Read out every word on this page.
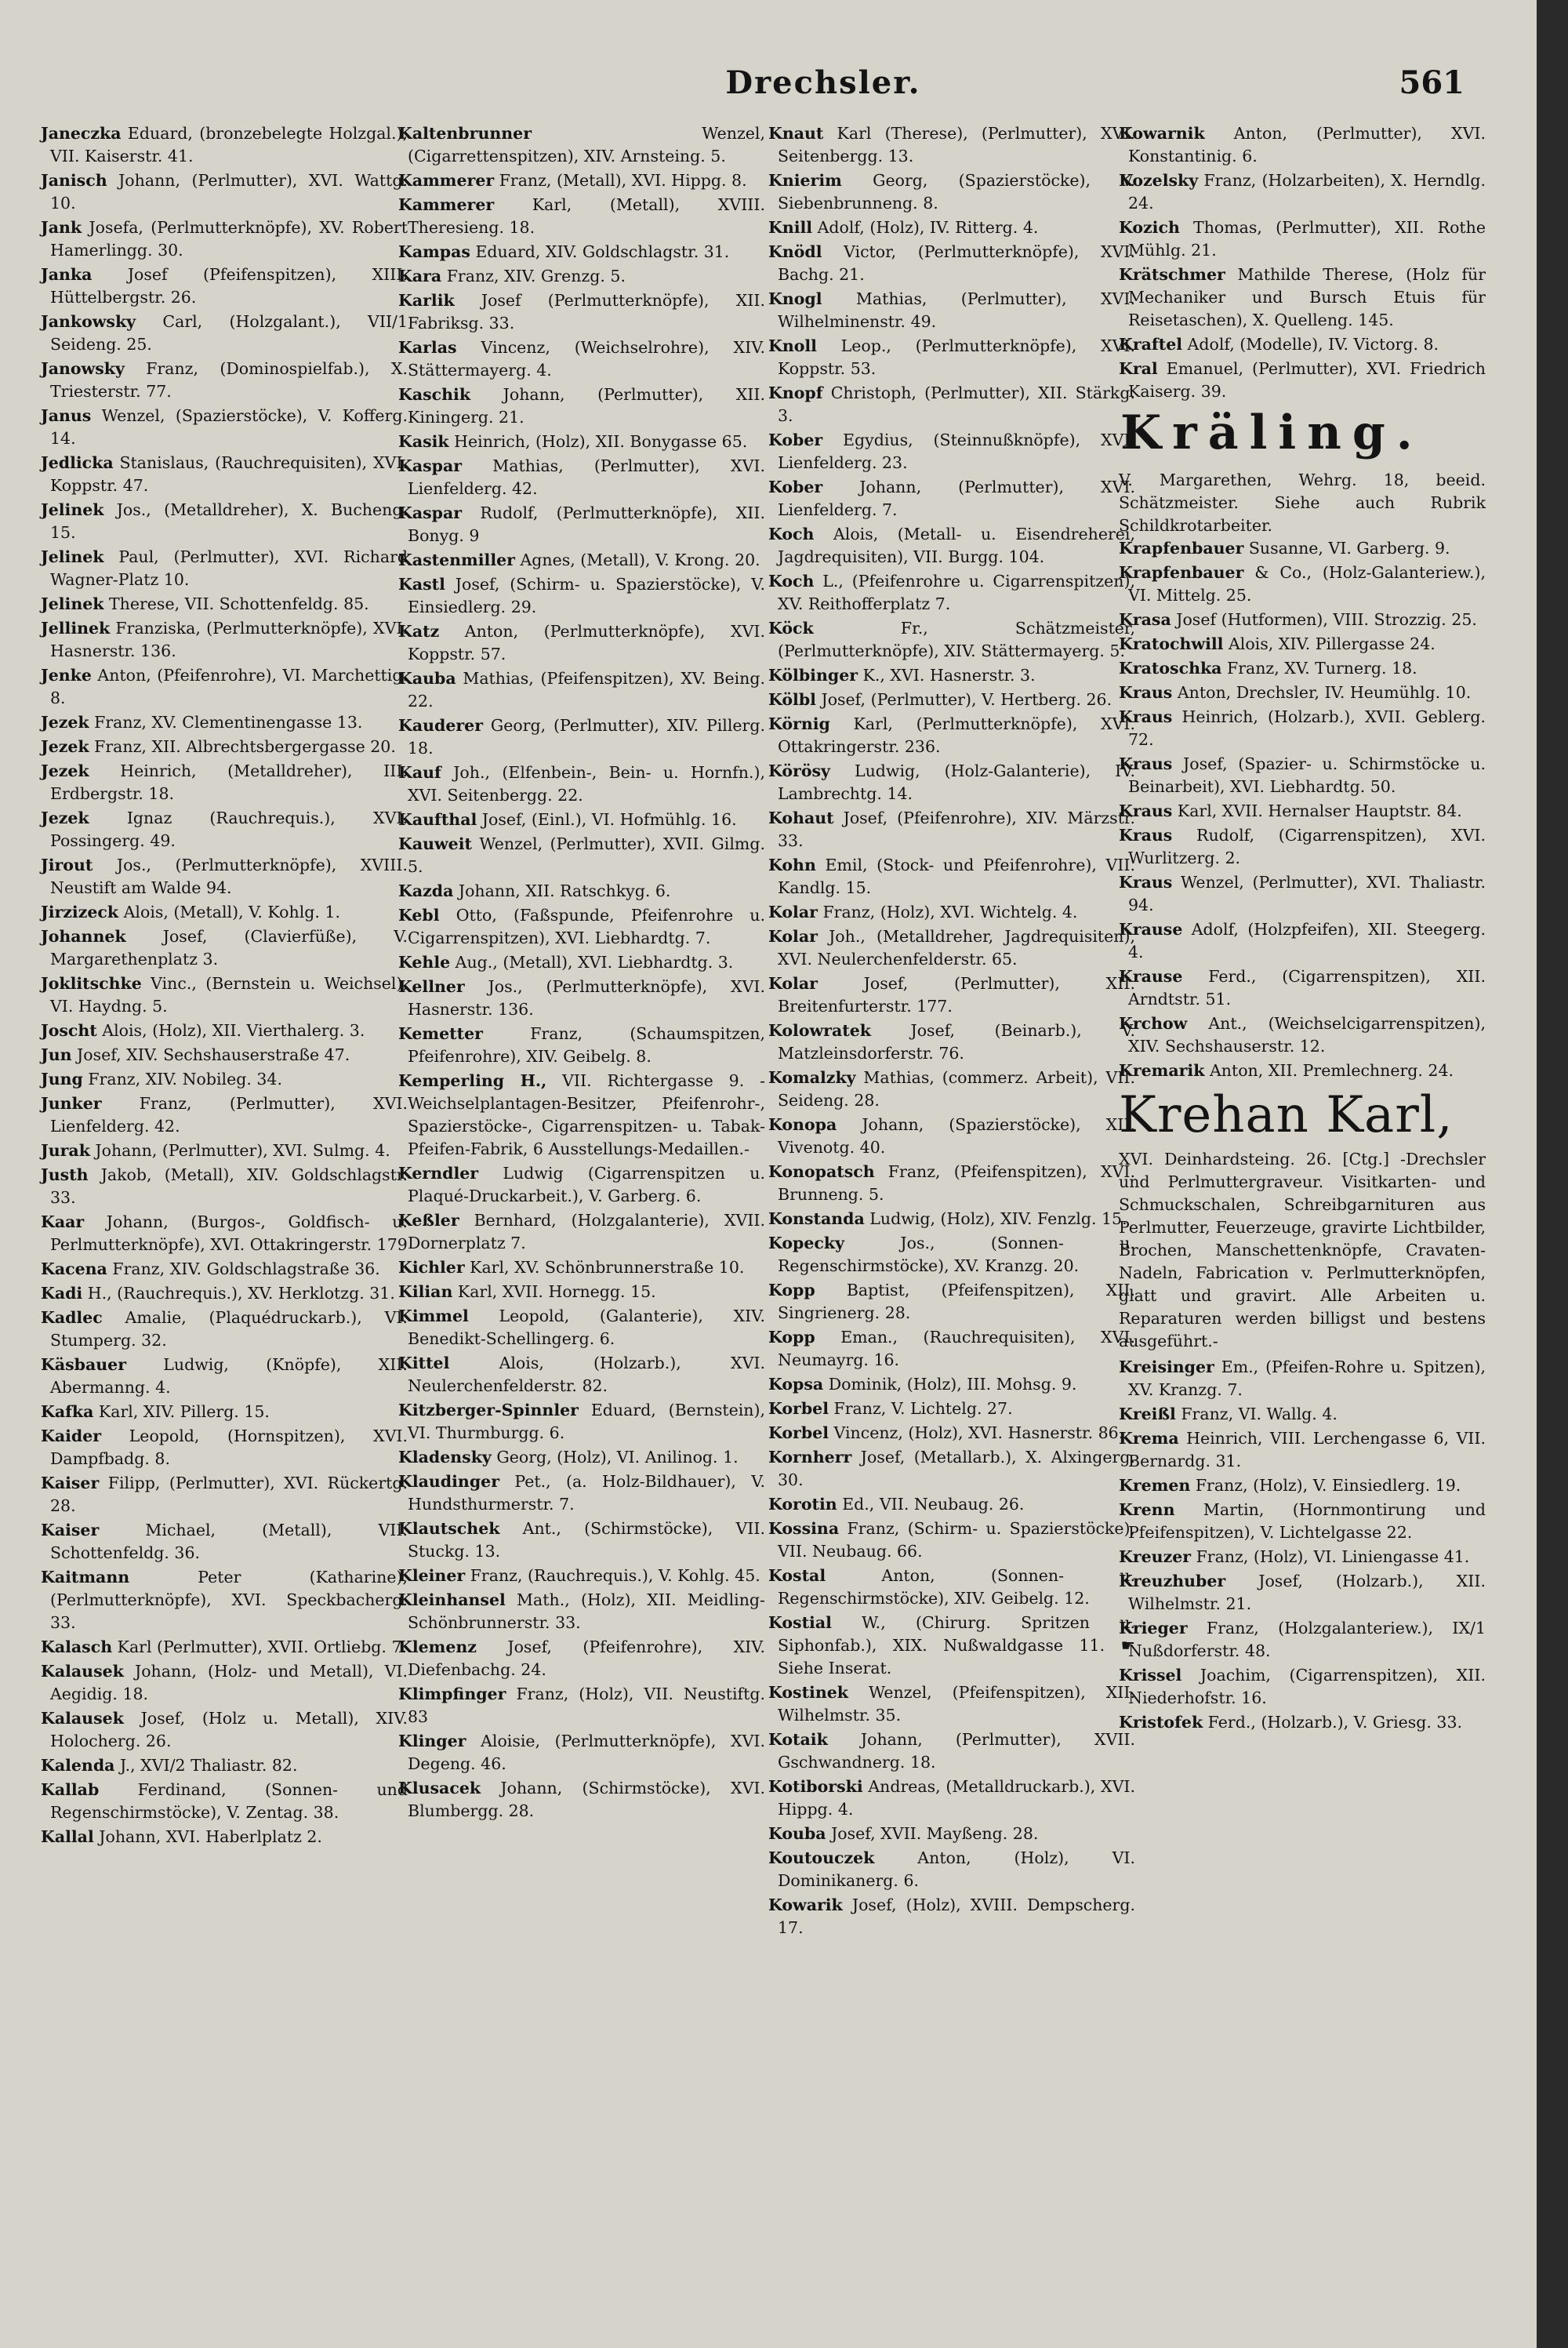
Drechsler.	561
Janeczka Eduard, (bronzebelegte Holzgal.), VII. Kaiserstr. 41.
Janisch Johann, (Perlmutter), XVI. Wattg. 10.
Jank Josefa, (Perlmutterknöpfe), XV. Robert Hamerlingg. 30.
Janka Josef (Pfeifenspitzen), XIII. Hüttelbergstr. 26.
Jankowsky Carl, (Holzgalant.), VII/1 Seideng. 25.
Janowsky Franz, (Dominospielfab.), X. Triesterstr. 77.
Janus Wenzel, (Spazierstöcke), V. Kofferg. 14.
Jedlicka Stanislaus, (Rauchrequisiten), XVI. Koppstr. 47.
Jelinek Jos., (Metalldreher), X. Bucheng. 15.
Jelinek Paul, (Perlmutter), XVI. Richard Wagner-Platz 10.
Jelinek Therese, VII. Schottenfeldg. 85.
Jellinek Franziska, (Perlmutterknöpfe), XVI. Hasnerstr. 136.
Jenke Anton, (Pfeifenrohre), VI. Marchettig. 8.
Jezek Franz, XV. Clementinengasse 13.
Jezek Franz, XII. Albrechtsbergergasse 20.
Jezek Heinrich, (Metalldreher), III. Erdbergstr. 18.
Jezek Ignaz (Rauchrequis.), XVI. Possingerg. 49.
Jirout Jos., (Perlmutterknöpfe), XVIII. Neustift am Walde 94.
Jirzizeck Alois, (Metall), V. Kohlg. 1.
Johannek Josef, (Clavierfüße), V. Margarethenplatz 3.
Joklitschke Vinc., (Bernstein u. Weichsel), VI. Haydng. 5.
Joscht Alois, (Holz), XII. Vierthalerg. 3.
Jun Josef, XIV. Sechshauserstraße 47.
Jung Franz, XIV. Nobileg. 34.
Junker Franz, (Perlmutter), XVI. Lienfelderg. 42.
Jurak Johann, (Perlmutter), XVI. Sulmg. 4.
Justh Jakob, (Metall), XIV. Goldschlagstr. 33.
Kaar Johann, (Burgos-, Goldfisch- u. Perlmutterknöpfe), XVI. Ottakringerstr. 179
Kacena Franz, XIV. Goldschlagstraße 36.
Kadi H., (Rauchrequis.), XV. Herklotzg. 31.
Kadlec Amalie, (Plaquédruckarb.), VI. Stumperg. 32.
Käsbauer Ludwig, (Knöpfe), XII. Abermanng. 4.
Kafka Karl, XIV. Pillerg. 15.
Kaider Leopold, (Hornspitzen), XVI. Dampfbadg. 8.
Kaiser Filipp, (Perlmutter), XVI. Rückertg. 28.
Kaiser Michael, (Metall), VII. Schottenfeldg. 36.
Kaitmann Peter (Katharine), (Perlmutterknöpfe), XVI. Speckbacherg. 33.
Kalasch Karl (Perlmutter), XVII. Ortliebg. 7.
Kalausek Johann, (Holz- und Metall), VI. Aegidig. 18.
Kalausek Josef, (Holz u. Metall), XIV. Holocherg. 26.
Kalenda J., XVI/2 Thaliastr. 82.
Kallab Ferdinand, (Sonnen- und Regenschirmstöcke), V. Zentag. 38.
Kallal Johann, XVI. Haberlplatz 2.
Kaltenbrunner Wenzel, (Cigarrettenspitzen), XIV. Arnsteing. 5.
Kammerer Franz, (Metall), XVI. Hippg. 8.
Kammerer Karl, (Metall), XVIII. Theresieng. 18.
Kampas Eduard, XIV. Goldschlagstr. 31.
Kara Franz, XIV. Grenzg. 5.
Karlik Josef (Perlmutterknöpfe), XII. Fabriksg. 33.
Karlas Vincenz, (Weichselrohre), XIV. Stättermayerg. 4.
Kaschik Johann, (Perlmutter), XII. Kiningerg. 21.
Kasik Heinrich, (Holz), XII. Bonygasse 65.
Kaspar Mathias, (Perlmutter), XVI. Lienfelderg. 42.
Kaspar Rudolf, (Perlmutterknöpfe), XII. Bonyg. 9
Kastenmiller Agnes, (Metall), V. Krong. 20.
Kastl Josef, (Schirm- u. Spazierstöcke), V. Einsiedlerg. 29.
Katz Anton, (Perlmutterknöpfe), XVI. Koppstr. 57.
Kauba Mathias, (Pfeifenspitzen), XV. Being. 22.
Kauderer Georg, (Perlmutter), XIV. Pillerg. 18.
Kauf Joh., (Elfenbein-, Bein- u. Hornfn.), XVI. Seitenbergg. 22.
Kaufthal Josef, (Einl.), VI. Hofmühlg. 16.
Kauweit Wenzel, (Perlmutter), XVII. Gilmg. 5.
Kazda Johann, XII. Ratschkyg. 6.
Kebl Otto, (Faßspunde, Pfeifenrohre u. Cigarrenspitzen), XVI. Liebhardtg. 7.
Kehle Aug., (Metall), XVI. Liebhardtg. 3.
Kellner Jos., (Perlmutterknöpfe), XVI. Hasnerstr. 136.
Kemetter Franz, (Schaumspitzen, Pfeifenrohre), XIV. Geibelg. 8.
Kemperling H., VII. Richtergasse 9. -Weichselplantagen-Besitzer, Pfeifenrohr-, Spazierstöcke-, Cigarrenspitzen- u. Tabak-Pfeifen-Fabrik, 6 Ausstellungs-Medaillen.-
Kerndler Ludwig (Cigarrenspitzen u. Plaqué-Druckarbeit.), V. Garberg. 6.
Keßler Bernhard, (Holzgalanterie), XVII. Dornerplatz 7.
Kichler Karl, XV. Schönbrunnerstraße 10.
Kilian Karl, XVII. Hornegg. 15.
Kimmel Leopold, (Galanterie), XIV. Benedikt-Schellingerg. 6.
Kittel Alois, (Holzarb.), XVI. Neulerchenfelderstr. 82.
Kitzberger-Spinnler Eduard, (Bernstein), VI. Thurmburgg. 6.
Kladensky Georg, (Holz), VI. Anilinog. 1.
Klaudinger Pet., (a. Holz-Bildhauer), V. Hundsthurmerstr. 7.
Klautschek Ant., (Schirmstöcke), VII. Stuckg. 13.
Kleiner Franz, (Rauchrequis.), V. Kohlg. 45.
Kleinhansel Math., (Holz), XII. Meidling-Schönbrunnerstr. 33.
Klemenz Josef, (Pfeifenrohre), XIV. Diefenbachg. 24.
Klimpfinger Franz, (Holz), VII. Neustiftg. 83
Klinger Aloisie, (Perlmutterknöpfe), XVI. Degeng. 46.
Klusacek Johann, (Schirmstöcke), XVI. Blumbergg. 28.
Knaut Karl (Therese), (Perlmutter), XVI. Seitenbergg. 13.
Knierim Georg, (Spazierstöcke), V. Siebenbrunneng. 8.
Knill Adolf, (Holz), IV. Ritterg. 4.
Knödl Victor, (Perlmutterknöpfe), XVI. Bachg. 21.
Knogl Mathias, (Perlmutter), XVI. Wilhelminenstr. 49.
Knoll Leop., (Perlmutterknöpfe), XVI. Koppstr. 53.
Knopf Christoph, (Perlmutter), XII. Stärkg. 3.
Kober Egydius, (Steinnußknöpfe), XVI. Lienfelderg. 23.
Kober Johann, (Perlmutter), XVI. Lienfelderg. 7.
Koch Alois, (Metall- u. Eisendreherei, Jagdrequisiten), VII. Burgg. 104.
Koch L., (Pfeifenrohre u. Cigarrenspitzen), XV. Reithofferplatz 7.
Köck Fr., Schätzmeister, (Perlmutterknöpfe), XIV. Stättermayerg. 5.
Kölbinger K., XVI. Hasnerstr. 3.
Kölbl Josef, (Perlmutter), V. Hertberg. 26.
Körnig Karl, (Perlmutterknöpfe), XVI. Ottakringerstr. 236.
Körösy Ludwig, (Holz-Galanterie), IV. Lambrechtg. 14.
Kohaut Josef, (Pfeifenrohre), XIV. Märzstr. 33.
Kohn Emil, (Stock- und Pfeifenrohre), VII. Kandlg. 15.
Kolar Franz, (Holz), XVI. Wichtelg. 4.
Kolar Joh., (Metalldreher, Jagdrequisiten), XVI. Neulerchenfelderstr. 65.
Kolar Josef, (Perlmutter), XII. Breitenfurterstr. 177.
Kolowratek Josef, (Beinarb.), V. Matzleinsdorferstr. 76.
Komalzky Mathias, (commerz. Arbeit), VII. Seideng. 28.
Konopa Johann, (Spazierstöcke), XII. Vivenotg. 40.
Konopatsch Franz, (Pfeifenspitzen), XVI. Brunneng. 5.
Konstanda Ludwig, (Holz), XIV. Fenzlg. 15.
Kopecky Jos., (Sonnen- u. Regenschirmstöcke), XV. Kranzg. 20.
Kopp Baptist, (Pfeifenspitzen), XII. Singrienerg. 28.
Kopp Eman., (Rauchrequisiten), XVI. Neumayrg. 16.
Kopsa Dominik, (Holz), III. Mohsg. 9.
Korbel Franz, V. Lichtelg. 27.
Korbel Vincenz, (Holz), XVI. Hasnerstr. 86.
Kornherr Josef, (Metallarb.), X. Alxingerg. 30.
Korotin Ed., VII. Neubaug. 26.
Kossina Franz, (Schirm- u. Spazierstöcke), VII. Neubaug. 66.
Kostal Anton, (Sonnen- u. Regenschirmstöcke), XIV. Geibelg. 12.
Kostial W., (Chirurg. Spritzen u. Siphonfab.), XIX. Nußwaldgasse 11. ☛ Siehe Inserat.
Kostinek Wenzel, (Pfeifenspitzen), XII. Wilhelmstr. 35.
Kotaik Johann, (Perlmutter), XVII. Gschwandnerg. 18.
Kotiborski Andreas, (Metalldruckarb.), XVI. Hippg. 4.
Kouba Josef, XVII. Mayßeng. 28.
Koutouczek Anton, (Holz), VI. Dominikanerg. 6.
Kowarik Josef, (Holz), XVIII. Dempscherg. 17.
Kowarnik Anton, (Perlmutter), XVI. Konstantinig. 6.
Kozelsky Franz, (Holzarbeiten), X. Herndlg. 24.
Kozich Thomas, (Perlmutter), XII. Rothe Mühlg. 21.
Krätschmer Mathilde Therese, (Holz für Mechaniker und Bursch Etuis für Reisetaschen), X. Quelleng. 145.
Kraftel Adolf, (Modelle), IV. Victorg. 8.
Kral Emanuel, (Perlmutter), XVI. Friedrich Kaiserg. 39.
Kräling.
V. Margarethen, Wehrg. 18, beeid. Schätzmeister. Siehe auch Rubrik Schildkrotarbeiter.
Krapfenbauer Susanne, VI. Garberg. 9.
Krapfenbauer & Co., (Holz-Galanteriew.), VI. Mittelg. 25.
Krasa Josef (Hutformen), VIII. Strozzig. 25.
Kratochwill Alois, XIV. Pillergasse 24.
Kratoschka Franz, XV. Turnerg. 18.
Kraus Anton, Drechsler, IV. Heumühlg. 10.
Kraus Heinrich, (Holzarb.), XVII. Geblerg. 72.
Kraus Josef, (Spazier- u. Schirmstöcke u. Beinarbeit), XVI. Liebhardtg. 50.
Kraus Karl, XVII. Hernalser Hauptstr. 84.
Kraus Rudolf, (Cigarrenspitzen), XVI. Wurlitzerg. 2.
Kraus Wenzel, (Perlmutter), XVI. Thaliastr. 94.
Krause Adolf, (Holzpfeifen), XII. Steegerg. 4.
Krause Ferd., (Cigarrenspitzen), XII. Arndtstr. 51.
Krchow Ant., (Weichselcigarrenspitzen), XIV. Sechshauserstr. 12.
Kremarik Anton, XII. Premlechnerg. 24.
Krehan Karl,
XVI. Deinhardsteing. 26. [Ctg.] -Drechsler und Perlmuttergraveur. Visitkarten- und Schmuckschalen, Schreibgarnituren aus Perlmutter, Feuerzeuge, gravirte Lichtbilder, Brochen, Manschettenknöpfe, Cravaten-Nadeln, Fabrication v. Perlmutterknöpfen, glatt und gravirt. Alle Arbeiten u. Reparaturen werden billigst und bestens ausgeführt.-
Kreisinger Em., (Pfeifen-Rohre u. Spitzen), XV. Kranzg. 7.
Kreißl Franz, VI. Wallg. 4.
Krema Heinrich, VIII. Lerchengasse 6, VII. Bernardg. 31.
Kremen Franz, (Holz), V. Einsiedlerg. 19.
Krenn Martin, (Hornmontirung und Pfeifenspitzen), V. Lichtelgasse 22.
Kreuzer Franz, (Holz), VI. Liniengasse 41.
Kreuzhuber Josef, (Holzarb.), XII. Wilhelmstr. 21.
Krieger Franz, (Holzgalanteriew.), IX/1 Nußdorferstr. 48.
Krissel Joachim, (Cigarrenspitzen), XII. Niederhofstr. 16.
Kristofek Ferd., (Holzarb.), V. Griesg. 33.
